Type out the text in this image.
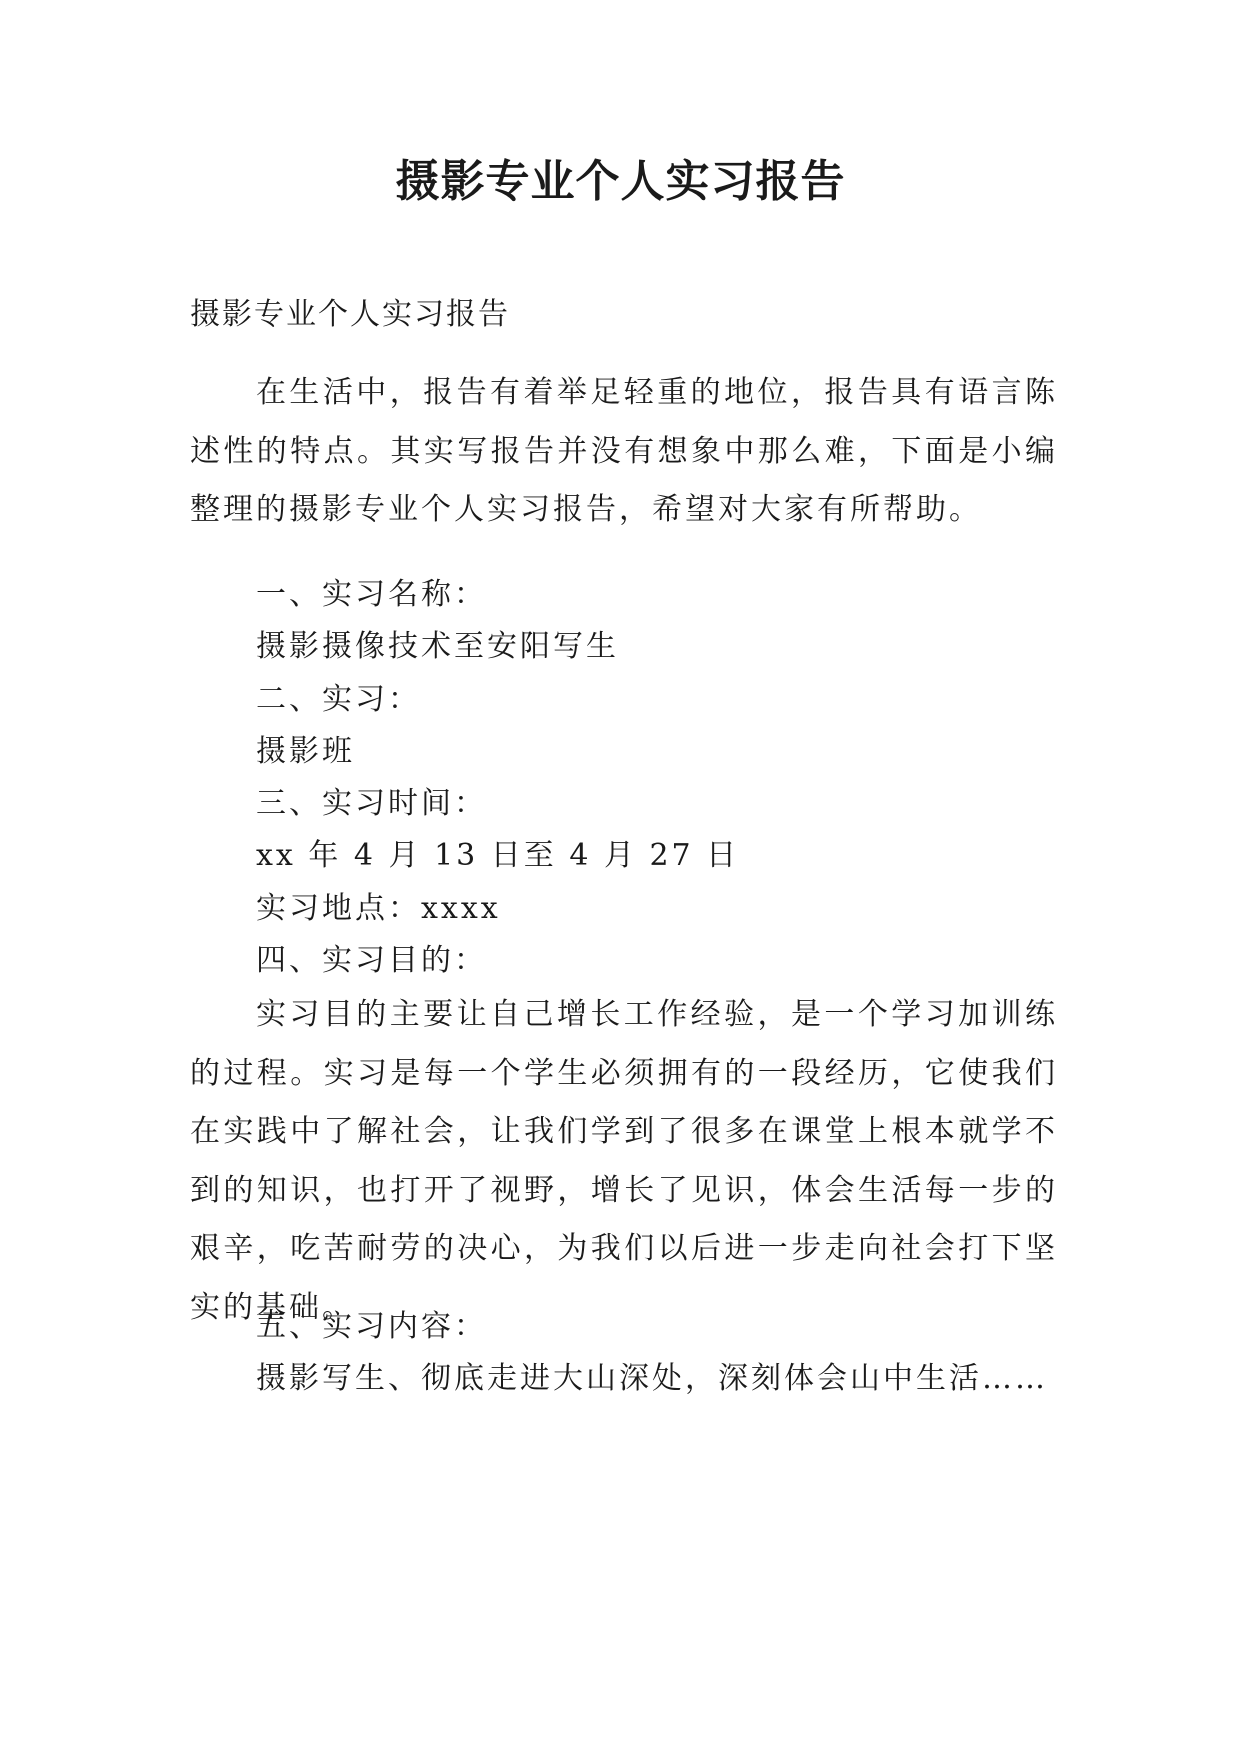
摄影专业个人实习报告
摄影专业个人实习报告

在生活中，报告有着举足轻重的地位，报告具有语言陈述性的特点。其实写报告并没有想象中那么难，下面是小编整理的摄影专业个人实习报告，希望对大家有所帮助。

一、实习名称：
摄影摄像技术至安阳写生
二、实习：
摄影班
三、实习时间：
xx 年 4 月 13 日至 4 月 27 日
实习地点：xxxx
四、实习目的：

实习目的主要让自己增长工作经验，是一个学习加训练的过程。实习是每一个学生必须拥有的一段经历，它使我们在实践中了解社会，让我们学到了很多在课堂上根本就学不到的知识，也打开了视野，增长了见识，体会生活每一步的艰辛，吃苦耐劳的决心，为我们以后进一步走向社会打下坚实的基础。

五、实习内容：
摄影写生、彻底走进大山深处，深刻体会山中生活……
